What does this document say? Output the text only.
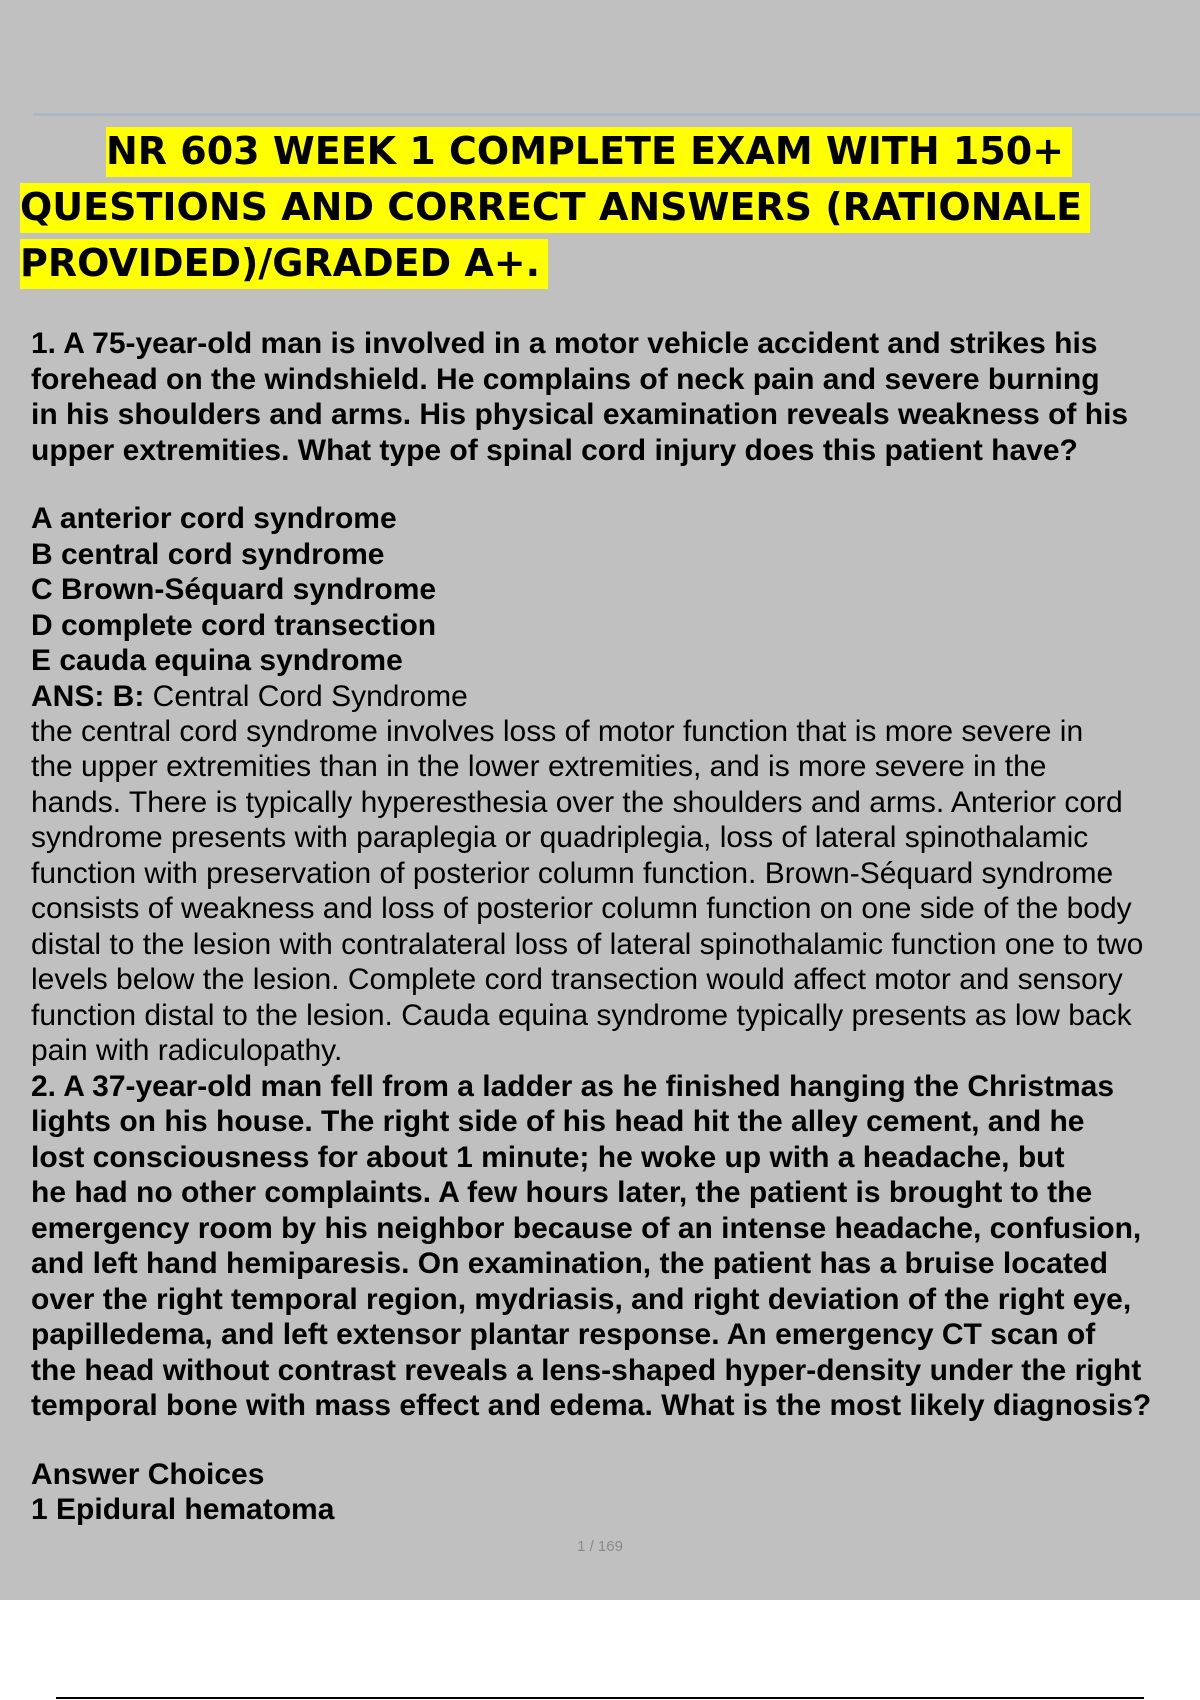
NR 603 WEEK 1 COMPLETE EXAM WITH 150+ QUESTIONS AND CORRECT ANSWERS (RATIONALE PROVIDED)/GRADED A+.
1. A 75-year-old man is involved in a motor vehicle accident and strikes his
forehead on the windshield. He complains of neck pain and severe burning
in his shoulders and arms. His physical examination reveals weakness of his
upper extremities. What type of spinal cord injury does this patient have?
A anterior cord syndrome
B central cord syndrome
C Brown-Séquard syndrome
D complete cord transection
E cauda equina syndrome
ANS: B: Central Cord Syndrome
the central cord syndrome involves loss of motor function that is more severe in
the upper extremities than in the lower extremities, and is more severe in the
hands. There is typically hyperesthesia over the shoulders and arms. Anterior cord
syndrome presents with paraplegia or quadriplegia, loss of lateral spinothalamic
function with preservation of posterior column function. Brown-Séquard syndrome
consists of weakness and loss of posterior column function on one side of the body
distal to the lesion with contralateral loss of lateral spinothalamic function one to two
levels below the lesion. Complete cord transection would affect motor and sensory
function distal to the lesion. Cauda equina syndrome typically presents as low back
pain with radiculopathy.
2. A 37-year-old man fell from a ladder as he finished hanging the Christmas
lights on his house. The right side of his head hit the alley cement, and he
lost consciousness for about 1 minute; he woke up with a headache, but
he had no other complaints. A few hours later, the patient is brought to the
emergency room by his neighbor because of an intense headache, confusion,
and left hand hemiparesis. On examination, the patient has a bruise located
over the right temporal region, mydriasis, and right deviation of the right eye,
papilledema, and left extensor plantar response. An emergency CT scan of
the head without contrast reveals a lens-shaped hyper-density under the right
temporal bone with mass effect and edema. What is the most likely diagnosis?
Answer Choices
1 Epidural hematoma
1 / 169
